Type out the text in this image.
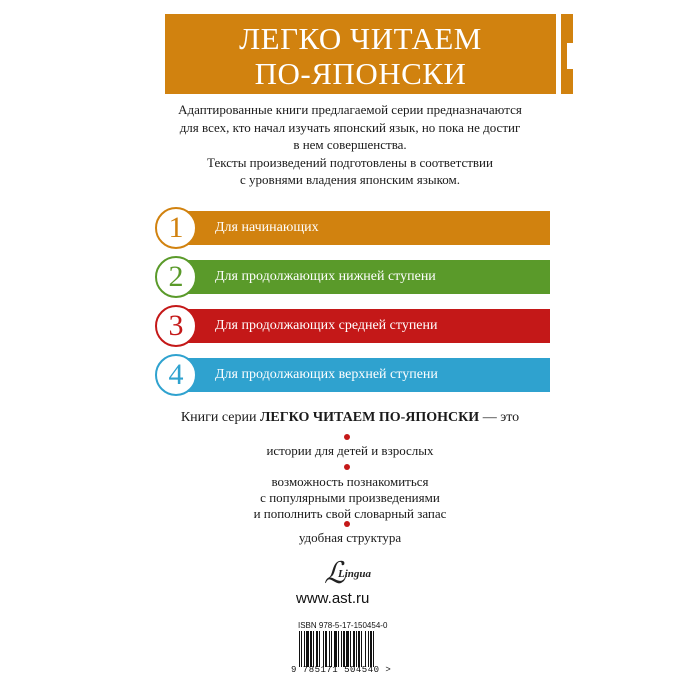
ЛЕГКО ЧИТАЕМ
ПО-ЯПОНСКИ
Адаптированные книги предлагаемой серии предназначаются
для всех, кто начал изучать японский язык, но пока не достиг
в нем совершенства.
Тексты произведений подготовлены в соответствии
с уровнями владения японским языком.
1	Для начинающих
2	Для продолжающих нижней ступени
3	Для продолжающих средней ступени
4	Для продолжающих верхней ступени
Книги серии ЛЕГКО ЧИТАЕМ ПО-ЯПОНСКИ — это
истории для детей и взрослых
возможность познакомиться
с популярными произведениями
и пополнить свой словарный запас
удобная структура
ℒ
Lingua
www.ast.ru
ISBN 978-5-17-150454-0
9 785171 504540 >
